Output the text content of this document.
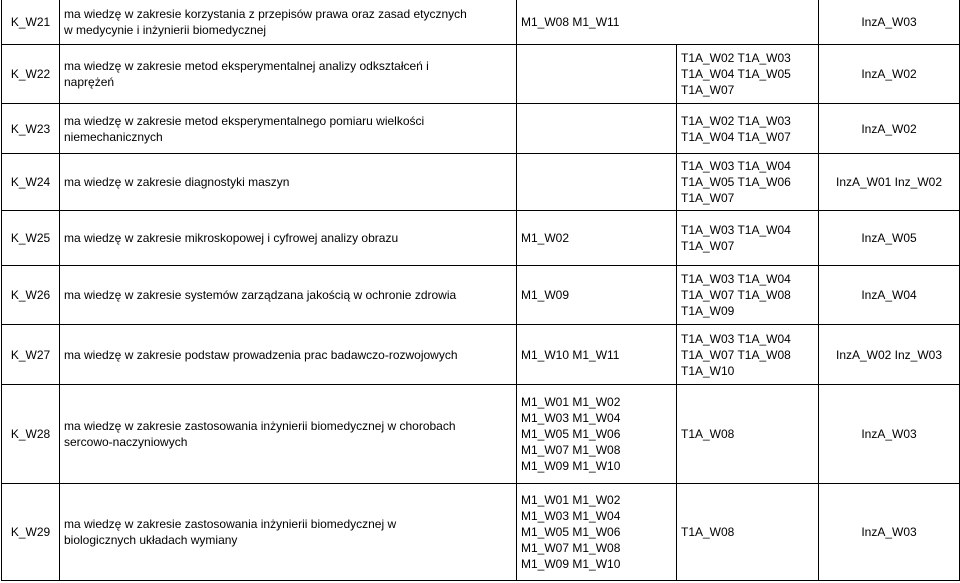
K_W21	ma wiedzę w zakresie korzystania z przepisów prawa oraz zasad etycznych
w medycynie i inżynierii biomedycznej	M1_W08 M1_W11		InzA_W03
K_W22	ma wiedzę w zakresie metod eksperymentalnej analizy odkształceń i
naprężeń		T1A_W02 T1A_W03
T1A_W04 T1A_W05
T1A_W07	InzA_W02
K_W23	ma wiedzę w zakresie metod eksperymentalnego pomiaru wielkości
niemechanicznych		T1A_W02 T1A_W03
T1A_W04 T1A_W07	InzA_W02
K_W24	ma wiedzę w zakresie diagnostyki maszyn		T1A_W03 T1A_W04
T1A_W05 T1A_W06
T1A_W07	InzA_W01 Inz_W02
K_W25	ma wiedzę w zakresie mikroskopowej i cyfrowej analizy obrazu	M1_W02	T1A_W03 T1A_W04
T1A_W07	InzA_W05
K_W26	ma wiedzę w zakresie systemów zarządzana jakością w ochronie zdrowia	M1_W09	T1A_W03 T1A_W04
T1A_W07 T1A_W08
T1A_W09	InzA_W04
K_W27	ma wiedzę w zakresie podstaw prowadzenia prac badawczo-rozwojowych	M1_W10 M1_W11	T1A_W03 T1A_W04
T1A_W07 T1A_W08
T1A_W10	InzA_W02 Inz_W03
K_W28	ma wiedzę w zakresie zastosowania inżynierii biomedycznej w chorobach
sercowo-naczyniowych	M1_W01 M1_W02
M1_W03 M1_W04
M1_W05 M1_W06
M1_W07 M1_W08
M1_W09 M1_W10	T1A_W08	InzA_W03
K_W29	ma wiedzę w zakresie zastosowania inżynierii biomedycznej w
biologicznych układach wymiany	M1_W01 M1_W02
M1_W03 M1_W04
M1_W05 M1_W06
M1_W07 M1_W08
M1_W09 M1_W10	T1A_W08	InzA_W03
